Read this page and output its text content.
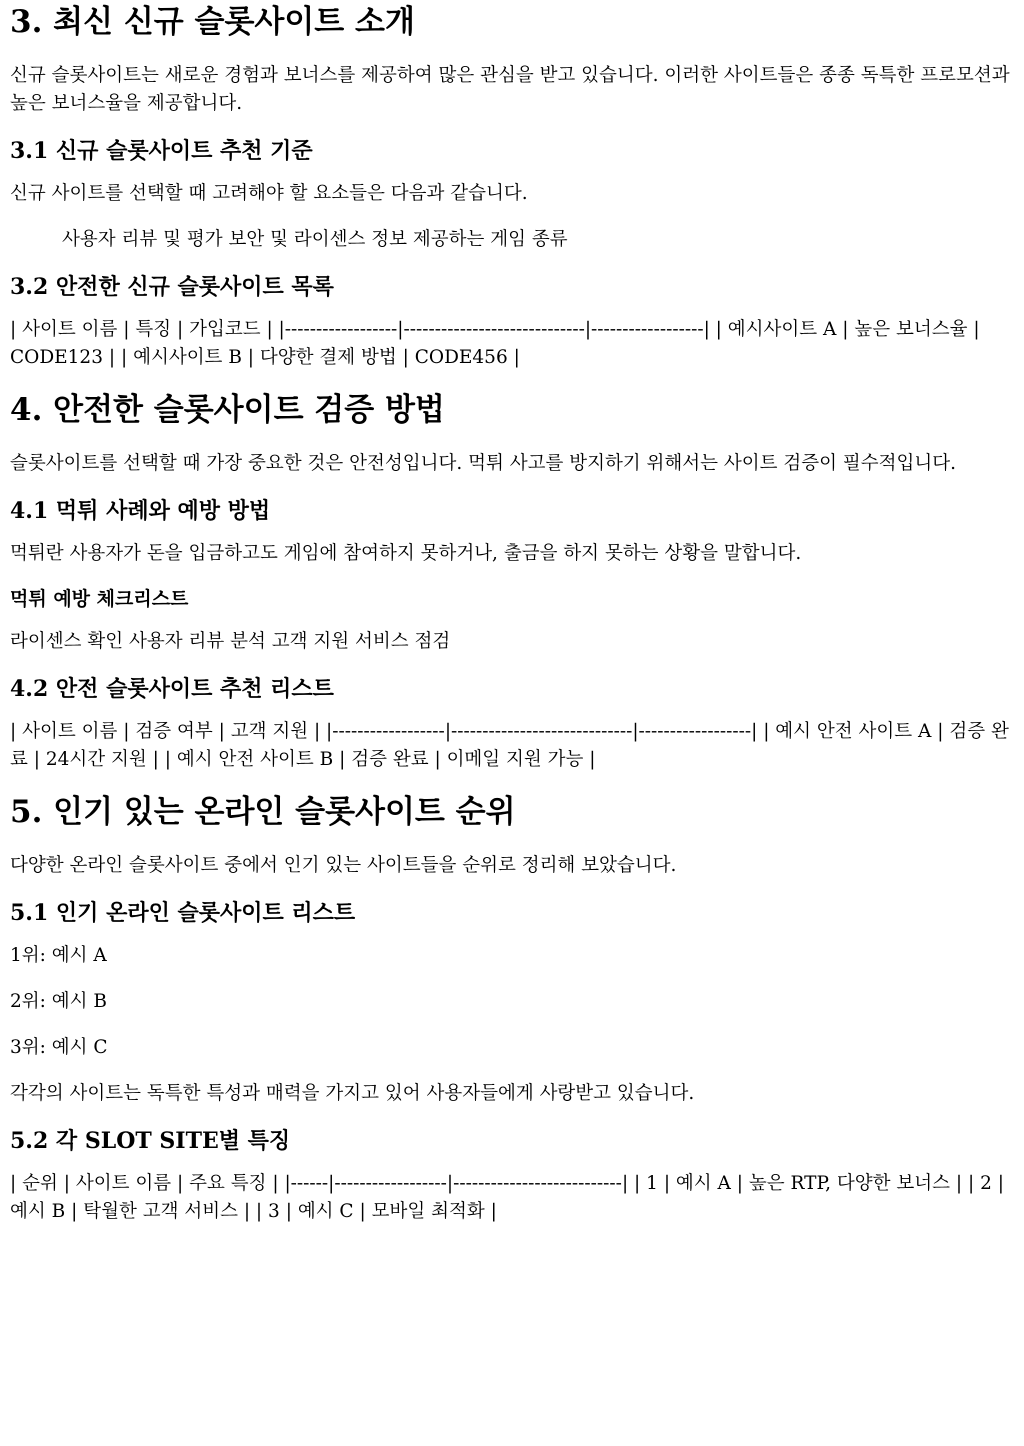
3. 최신 신규 슬롯사이트 소개

신규 슬롯사이트는 새로운 경험과 보너스를 제공하여 많은 관심을 받고 있습니다. 이러한 사이트들은 종종 독특한 프로모션과 높은 보너스율을 제공합니다.

3.1 신규 슬롯사이트 추천 기준

신규 사이트를 선택할 때 고려해야 할 요소들은 다음과 같습니다.

사용자 리뷰 및 평가 보안 및 라이센스 정보 제공하는 게임 종류

3.2 안전한 신규 슬롯사이트 목록

| 사이트 이름 | 특징 | 가입코드 | |------------------|-----------------------------|------------------| | 예시사이트 A | 높은 보너스율 | CODE123 | | 예시사이트 B | 다양한 결제 방법 | CODE456 |

4. 안전한 슬롯사이트 검증 방법

슬롯사이트를 선택할 때 가장 중요한 것은 안전성입니다. 먹튀 사고를 방지하기 위해서는 사이트 검증이 필수적입니다.

4.1 먹튀 사례와 예방 방법

먹튀란 사용자가 돈을 입금하고도 게임에 참여하지 못하거나, 출금을 하지 못하는 상황을 말합니다.

먹튀 예방 체크리스트

라이센스 확인 사용자 리뷰 분석 고객 지원 서비스 점검

4.2 안전 슬롯사이트 추천 리스트

| 사이트 이름 | 검증 여부 | 고객 지원 | |------------------|-----------------------------|------------------| | 예시 안전 사이트 A | 검증 완료 | 24시간 지원 | | 예시 안전 사이트 B | 검증 완료 | 이메일 지원 가능 |

5. 인기 있는 온라인 슬롯사이트 순위

다양한 온라인 슬롯사이트 중에서 인기 있는 사이트들을 순위로 정리해 보았습니다.

5.1 인기 온라인 슬롯사이트 리스트

1위: 예시 A

2위: 예시 B

3위: 예시 C

각각의 사이트는 독특한 특성과 매력을 가지고 있어 사용자들에게 사랑받고 있습니다.

5.2 각 SLOT SITE별 특징

| 순위 | 사이트 이름 | 주요 특징 | |------|------------------|---------------------------| | 1 | 예시 A | 높은 RTP, 다양한 보너스 | | 2 | 예시 B | 탁월한 고객 서비스 | | 3 | 예시 C | 모바일 최적화 |
